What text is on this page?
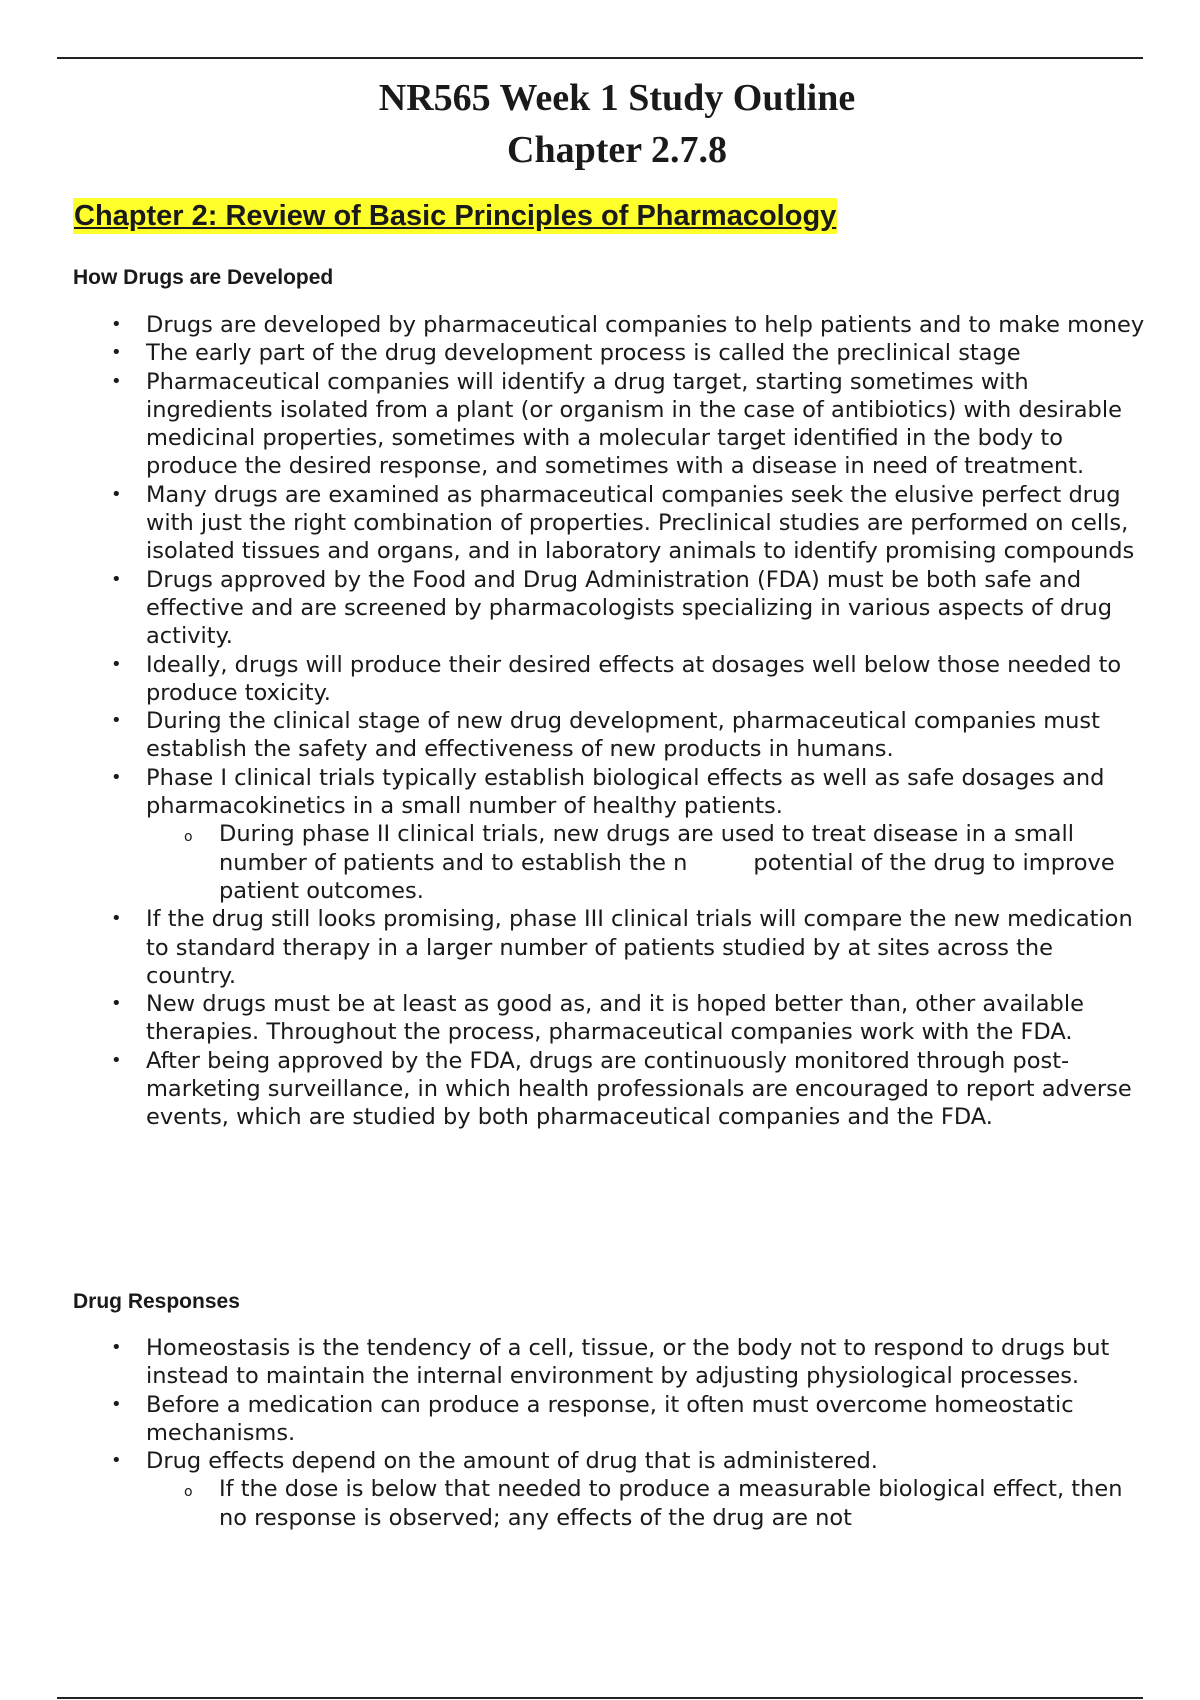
NR565 Week 1 Study Outline
Chapter 2.7.8
Chapter 2: Review of Basic Principles of Pharmacology
How Drugs are Developed
• Drugs are developed by pharmaceutical companies to help patients and to make money
• The early part of the drug development process is called the preclinical stage
• Pharmaceutical companies will identify a drug target, starting sometimes with ingredients isolated from a plant (or organism in the case of antibiotics) with desirable medicinal properties, sometimes with a molecular target identified in the body to produce the desired response, and sometimes with a disease in need of treatment.
• Many drugs are examined as pharmaceutical companies seek the elusive perfect drug with just the right combination of properties. Preclinical studies are performed on cells, isolated tissues and organs, and in laboratory animals to identify promising compounds
• Drugs approved by the Food and Drug Administration (FDA) must be both safe and effective and are screened by pharmacologists specializing in various aspects of drug activity.
• Ideally, drugs will produce their desired effects at dosages well below those needed to produce toxicity.
• During the clinical stage of new drug development, pharmaceutical companies must establish the safety and effectiveness of new products in humans.
• Phase I clinical trials typically establish biological effects as well as safe dosages and pharmacokinetics in a small number of healthy patients.
o During phase II clinical trials, new drugs are used to treat disease in a small number of patients and to establish the n	potential of the drug to improve patient outcomes.
• If the drug still looks promising, phase III clinical trials will compare the new medication to standard therapy in a larger number of patients studied by at sites across the country.
• New drugs must be at least as good as, and it is hoped better than, other available therapies. Throughout the process, pharmaceutical companies work with the FDA.
• After being approved by the FDA, drugs are continuously monitored through post-marketing surveillance, in which health professionals are encouraged to report adverse events, which are studied by both pharmaceutical companies and the FDA.
Drug Responses
• Homeostasis is the tendency of a cell, tissue, or the body not to respond to drugs but instead to maintain the internal environment by adjusting physiological processes.
• Before a medication can produce a response, it often must overcome homeostatic mechanisms.
• Drug effects depend on the amount of drug that is administered.
o If the dose is below that needed to produce a measurable biological effect, then no response is observed; any effects of the drug are not
